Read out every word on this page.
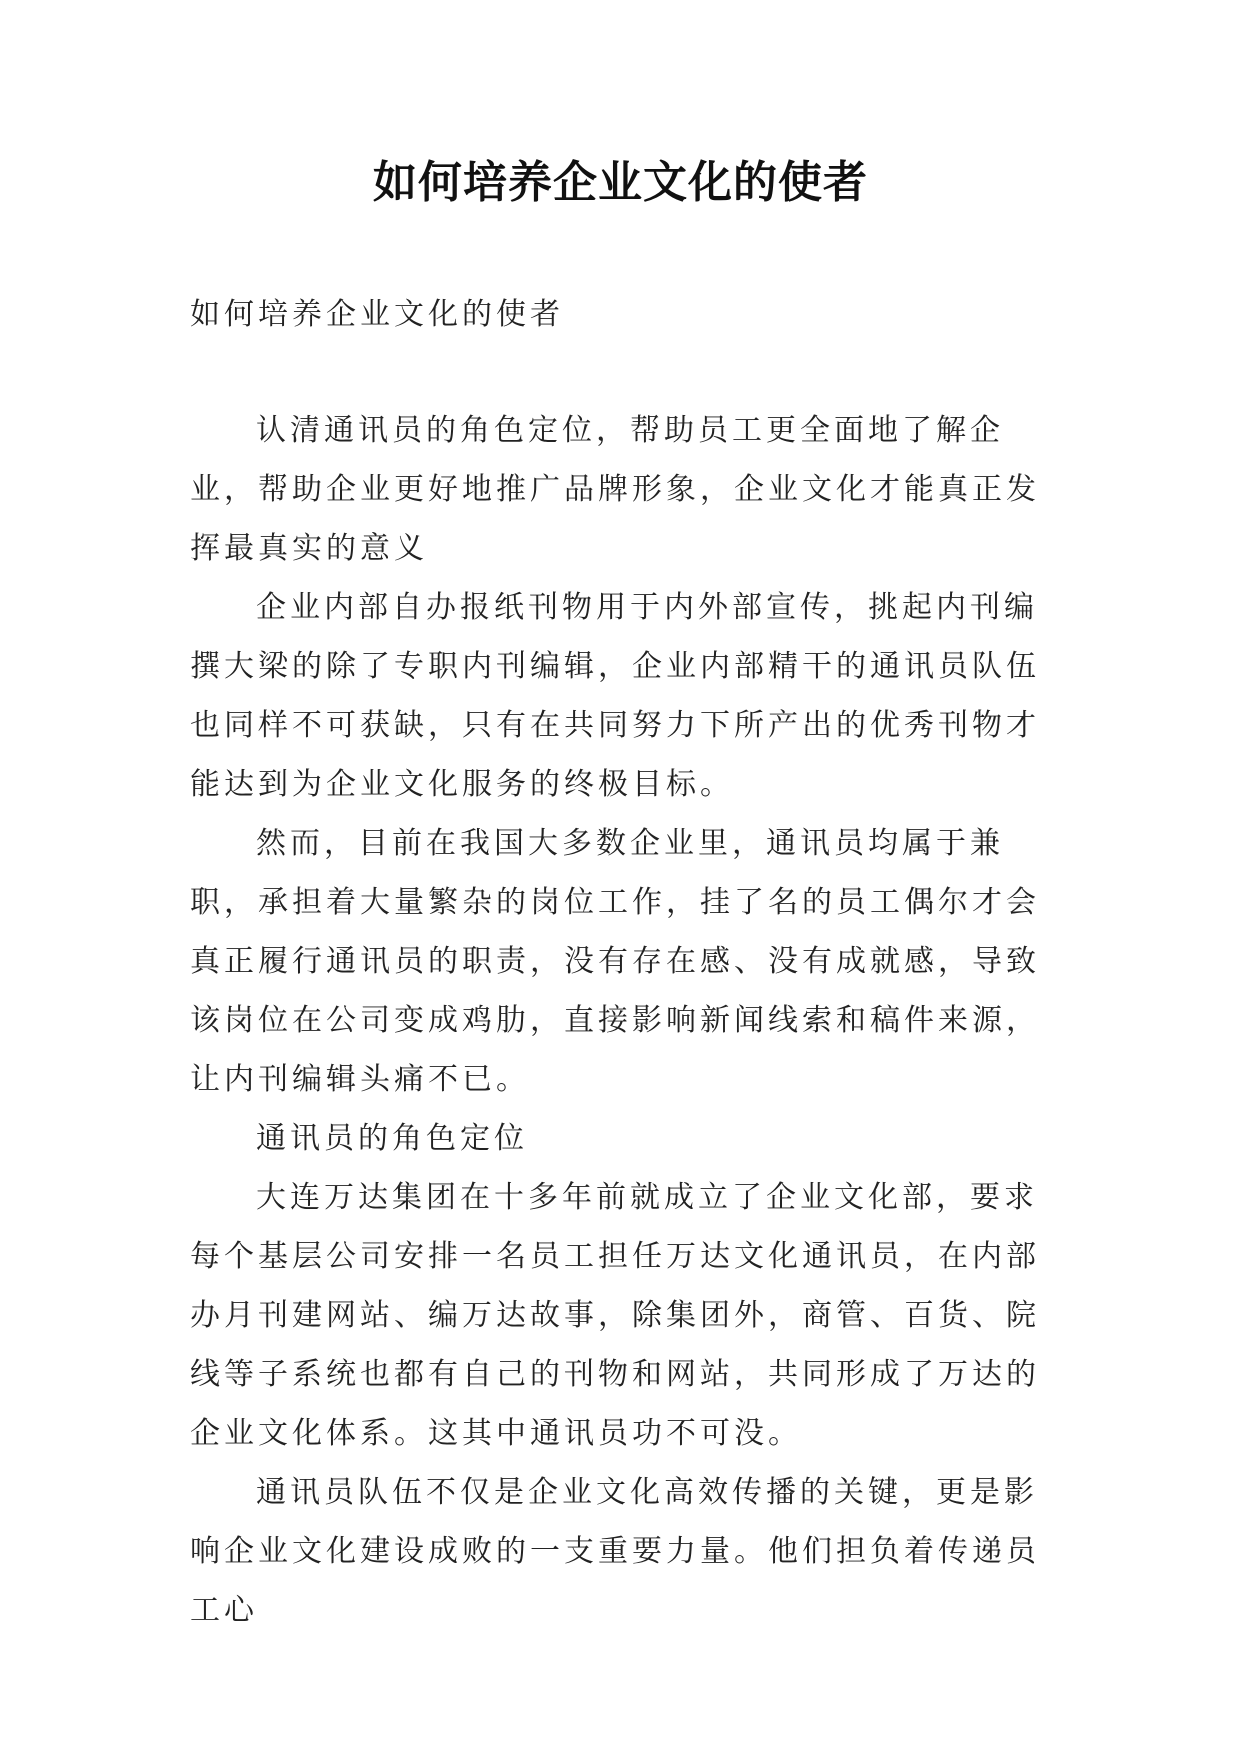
如何培养企业文化的使者

如何培养企业文化的使者

认清通讯员的角色定位，帮助员工更全面地了解企业，帮助企业更好地推广品牌形象，企业文化才能真正发挥最真实的意义

企业内部自办报纸刊物用于内外部宣传，挑起内刊编撰大梁的除了专职内刊编辑，企业内部精干的通讯员队伍也同样不可获缺，只有在共同努力下所产出的优秀刊物才能达到为企业文化服务的终极目标。

然而，目前在我国大多数企业里，通讯员均属于兼职，承担着大量繁杂的岗位工作，挂了名的员工偶尔才会真正履行通讯员的职责，没有存在感、没有成就感，导致该岗位在公司变成鸡肋，直接影响新闻线索和稿件来源，让内刊编辑头痛不已。

通讯员的角色定位

大连万达集团在十多年前就成立了企业文化部，要求每个基层公司安排一名员工担任万达文化通讯员，在内部办月刊建网站、编万达故事，除集团外，商管、百货、院线等子系统也都有自己的刊物和网站，共同形成了万达的企业文化体系。这其中通讯员功不可没。

通讯员队伍不仅是企业文化高效传播的关键，更是影响企业文化建设成败的一支重要力量。他们担负着传递员工心
